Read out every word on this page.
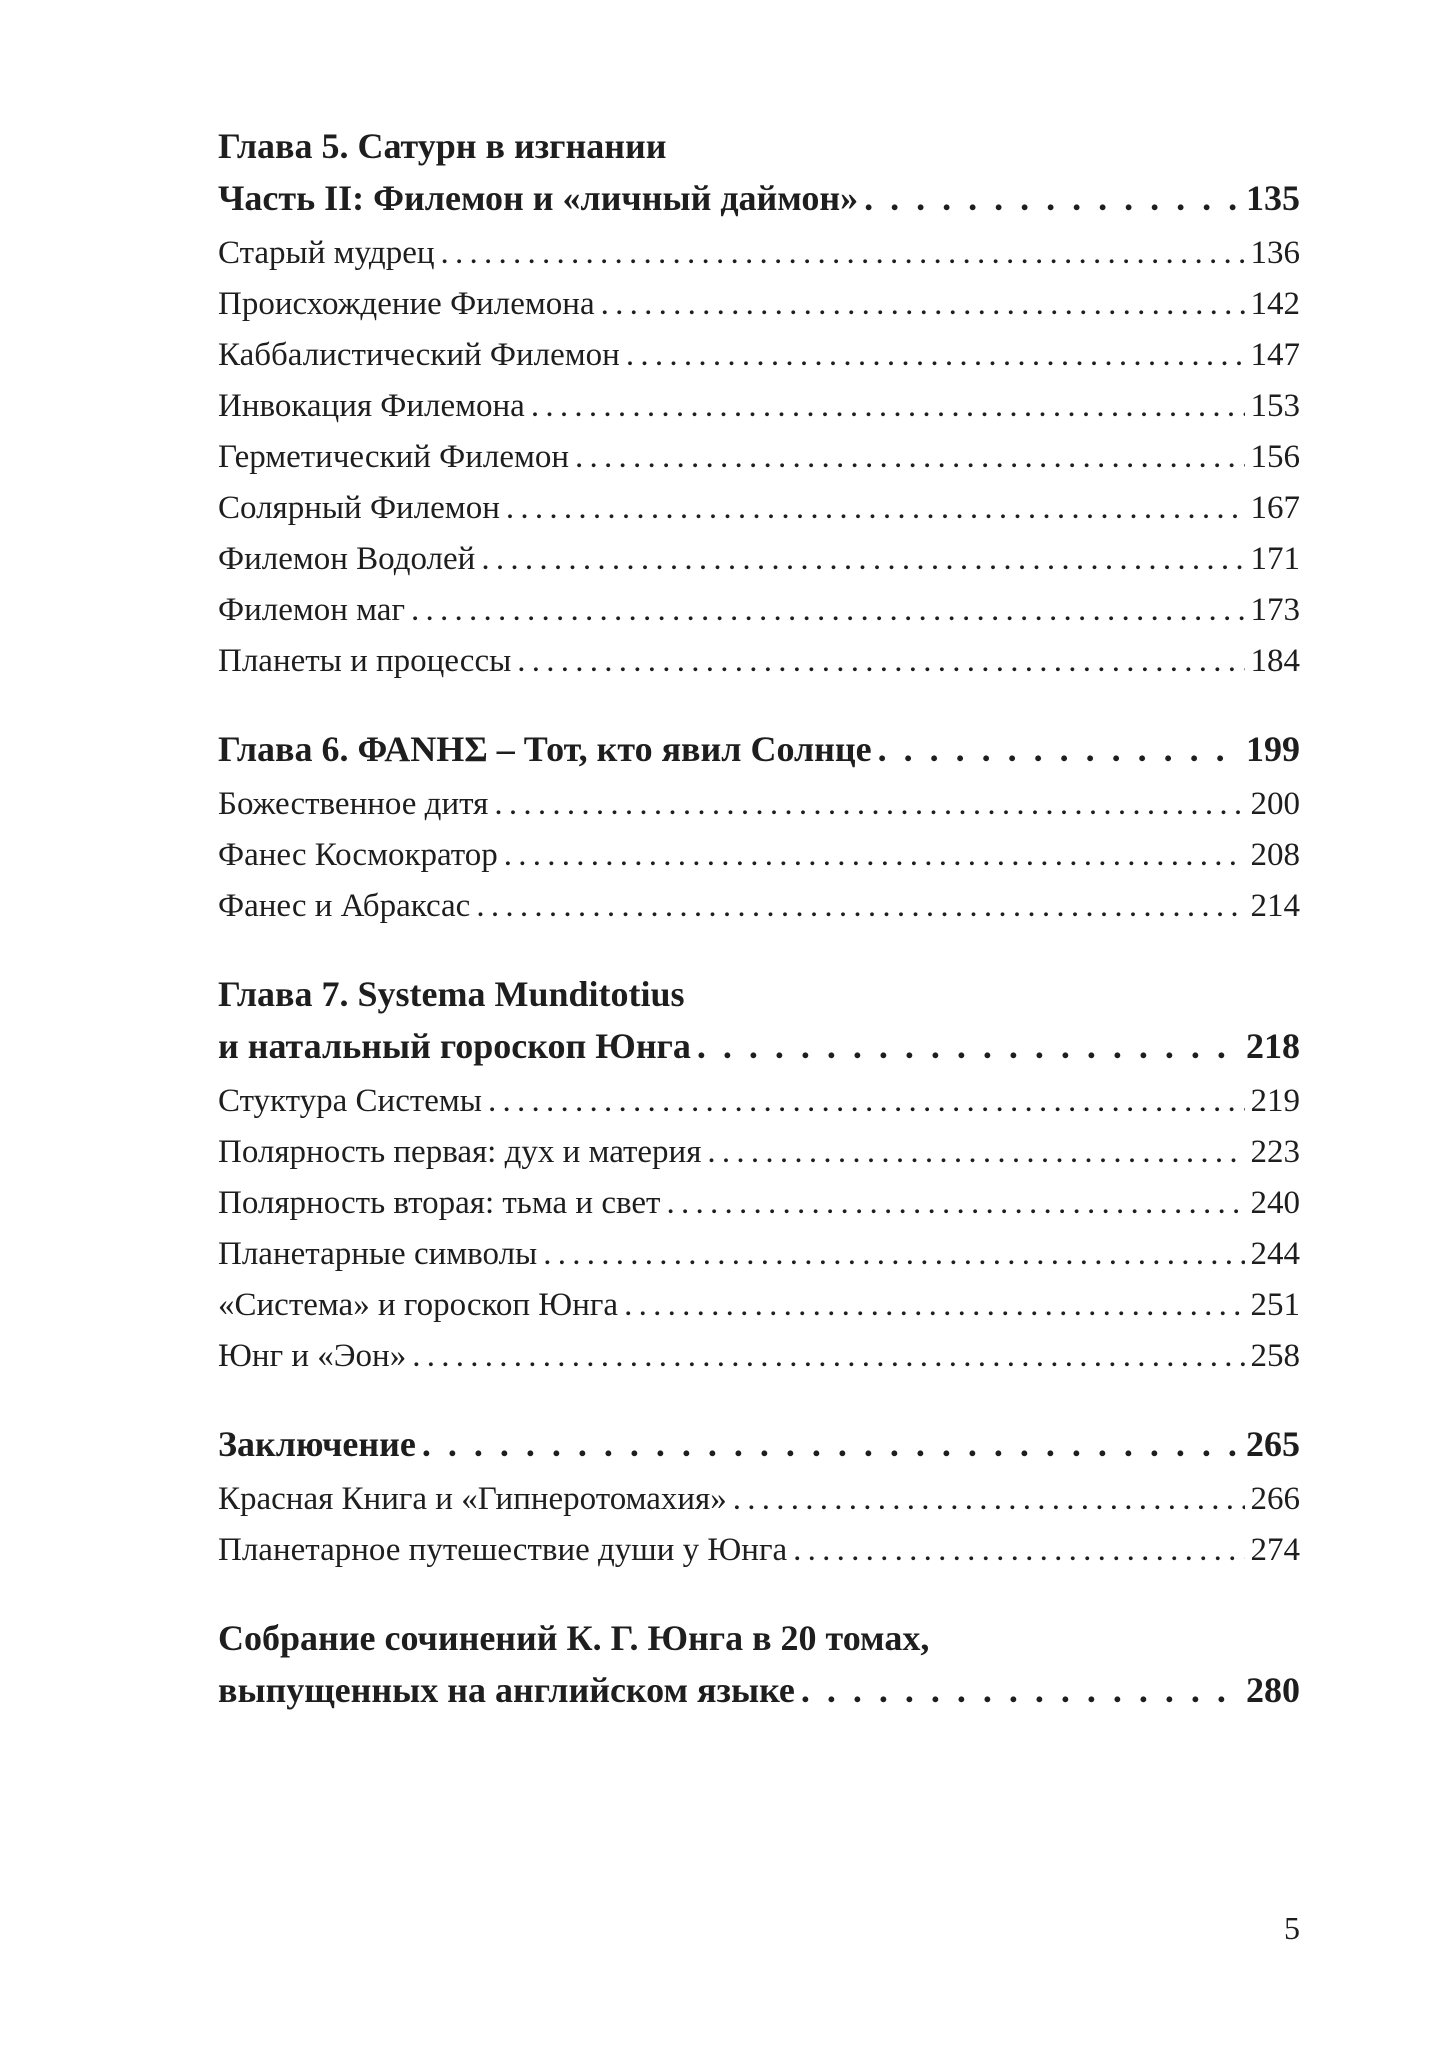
Глава 5. Сатурн в изгнании
Часть II: Филемон и «личный даймон» . . .	135
Старый мудрец . . .	136
Происхождение Филемона . . .	142
Каббалистический Филемон . . .	147
Инвокация Филемона . . .	153
Герметический Филемон . . .	156
Солярный Филемон . . .	167
Филемон Водолей . . .	171
Филемон маг . . .	173
Планеты и процессы . . .	184
Глава 6. ΦΑΝΗΣ – Тот, кто явил Солнце . . .	199
Божественное дитя . . .	200
Фанес Космократор . . .	208
Фанес и Абраксас . . .	214
Глава 7. Systema Munditotius
и натальный гороскоп Юнга . . .	218
Стуктура Системы . . .	219
Полярность первая: дух и материя . . .	223
Полярность вторая: тьма и свет . . .	240
Планетарные символы . . .	244
«Система» и гороскоп Юнга . . .	251
Юнг и «Эон» . . .	258
Заключение . . .	265
Красная Книга и «Гипнеротомахия» . . .	266
Планетарное путешествие души у Юнга . . .	274
Собрание сочинений К. Г. Юнга в 20 томах,
выпущенных на английском языке . . .	280
5
